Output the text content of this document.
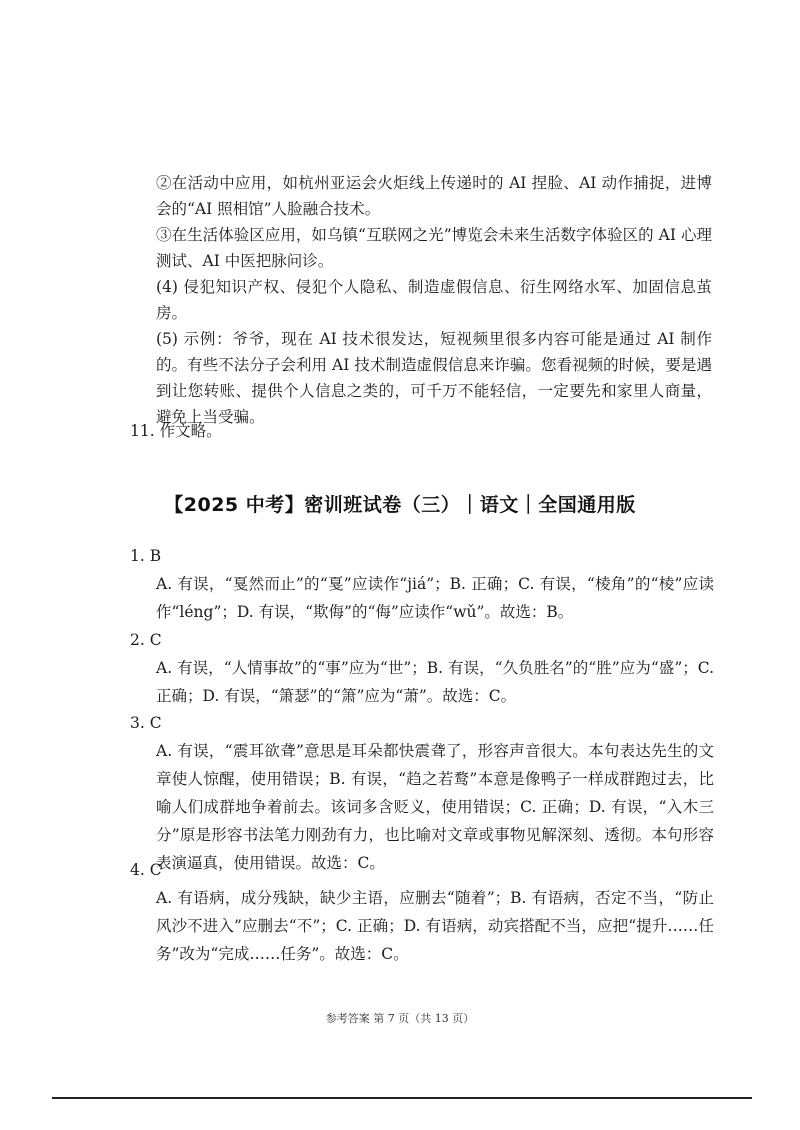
②在活动中应用，如杭州亚运会火炬线上传递时的 AI 捏脸、AI 动作捕捉，进博会的“AI 照相馆”人脸融合技术。

③在生活体验区应用，如乌镇“互联网之光”博览会未来生活数字体验区的 AI 心理测试、AI 中医把脉问诊。

(4) 侵犯知识产权、侵犯个人隐私、制造虚假信息、衍生网络水军、加固信息茧房。

(5) 示例：爷爷，现在 AI 技术很发达，短视频里很多内容可能是通过 AI 制作的。有些不法分子会利用 AI 技术制造虚假信息来诈骗。您看视频的时候，要是遇到让您转账、提供个人信息之类的，可千万不能轻信，一定要先和家里人商量，避免上当受骗。

11. 作文略。
【2025 中考】密训班试卷（三）｜语文｜全国通用版
1. B
A. 有误，“戛然而止”的“戛”应读作“jiá”；B. 正确；C. 有误，“棱角”的“棱”应读作“léng”；D. 有误，“欺侮”的“侮”应读作“wǔ”。故选：B。
2. C
A. 有误，“人情事故”的“事”应为“世”；B. 有误，“久负胜名”的“胜”应为“盛”；C. 正确；D. 有误，“箫瑟”的“箫”应为“萧”。故选：C。
3. C
A. 有误，“震耳欲聋”意思是耳朵都快震聋了，形容声音很大。本句表达先生的文章使人惊醒，使用错误；B. 有误，“趋之若鹜”本意是像鸭子一样成群跑过去，比喻人们成群地争着前去。该词多含贬义，使用错误；C. 正确；D. 有误，“入木三分”原是形容书法笔力刚劲有力，也比喻对文章或事物见解深刻、透彻。本句形容表演逼真，使用错误。故选：C。
4. C
A. 有语病，成分残缺，缺少主语，应删去“随着”；B. 有语病，否定不当，“防止风沙不进入”应删去“不”；C. 正确；D. 有语病，动宾搭配不当，应把“提升……任务”改为“完成……任务”。故选：C。
参考答案 第 7 页（共 13 页）
